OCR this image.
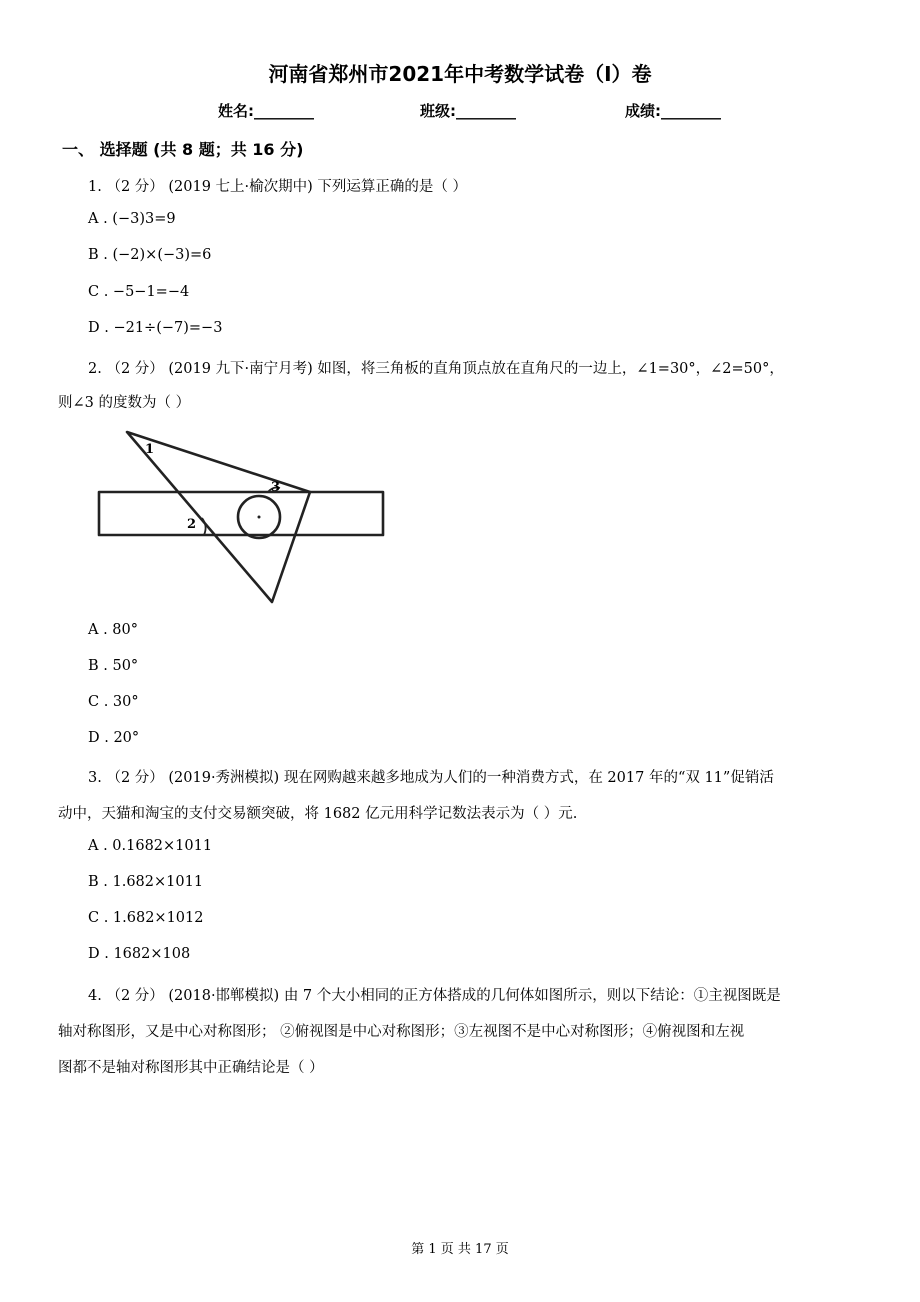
河南省郑州市2021年中考数学试卷（I）卷
姓名:________	班级:________	成绩:________
一、 选择题 (共 8 题；共 16 分)
1. （2 分） (2019 七上·榆次期中) 下列运算正确的是（ ）
A . (−3)3=9
B . (−2)×(−3)=6
C . −5−1=−4
D . −21÷(−7)=−3
2. （2 分） (2019 九下·南宁月考) 如图，将三角板的直角顶点放在直角尺的一边上，∠1=30°，∠2=50°，
则∠3 的度数为（ ）
1
2
3
A . 80°
B . 50°
C . 30°
D . 20°
3. （2 分） (2019·秀洲模拟) 现在网购越来越多地成为人们的一种消费方式，在 2017 年的“双 11”促销活
动中，天猫和淘宝的支付交易额突破，将 1682 亿元用科学记数法表示为（ ）元.
A . 0.1682×1011
B . 1.682×1011
C . 1.682×1012
D . 1682×108
4. （2 分） (2018·邯郸模拟) 由 7 个大小相同的正方体搭成的几何体如图所示，则以下结论：①主视图既是
轴对称图形，又是中心对称图形； ②俯视图是中心对称图形；③左视图不是中心对称图形；④俯视图和左视
图都不是轴对称图形其中正确结论是（ ）
第 1 页 共 17 页
